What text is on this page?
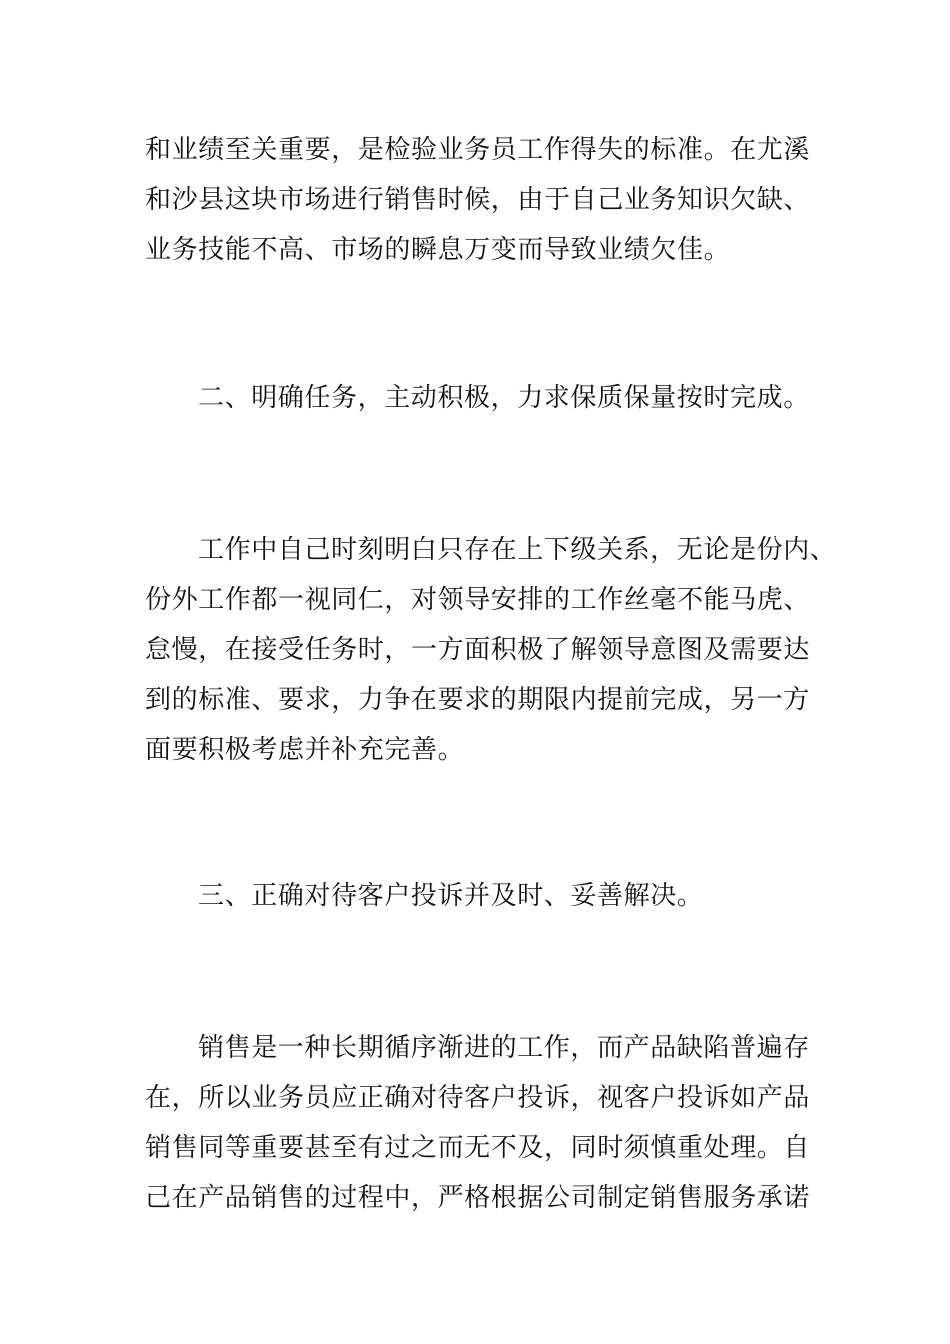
和业绩至关重要，是检验业务员工作得失的标准。在尤溪
和沙县这块市场进行销售时候，由于自己业务知识欠缺、
业务技能不高、市场的瞬息万变而导致业绩欠佳。
二、明确任务，主动积极，力求保质保量按时完成。
工作中自己时刻明白只存在上下级关系，无论是份内、
份外工作都一视同仁，对领导安排的工作丝毫不能马虎、
怠慢，在接受任务时，一方面积极了解领导意图及需要达
到的标准、要求，力争在要求的期限内提前完成，另一方
面要积极考虑并补充完善。
三、正确对待客户投诉并及时、妥善解决。
销售是一种长期循序渐进的工作，而产品缺陷普遍存
在，所以业务员应正确对待客户投诉，视客户投诉如产品
销售同等重要甚至有过之而无不及，同时须慎重处理。自
己在产品销售的过程中，严格根据公司制定销售服务承诺
